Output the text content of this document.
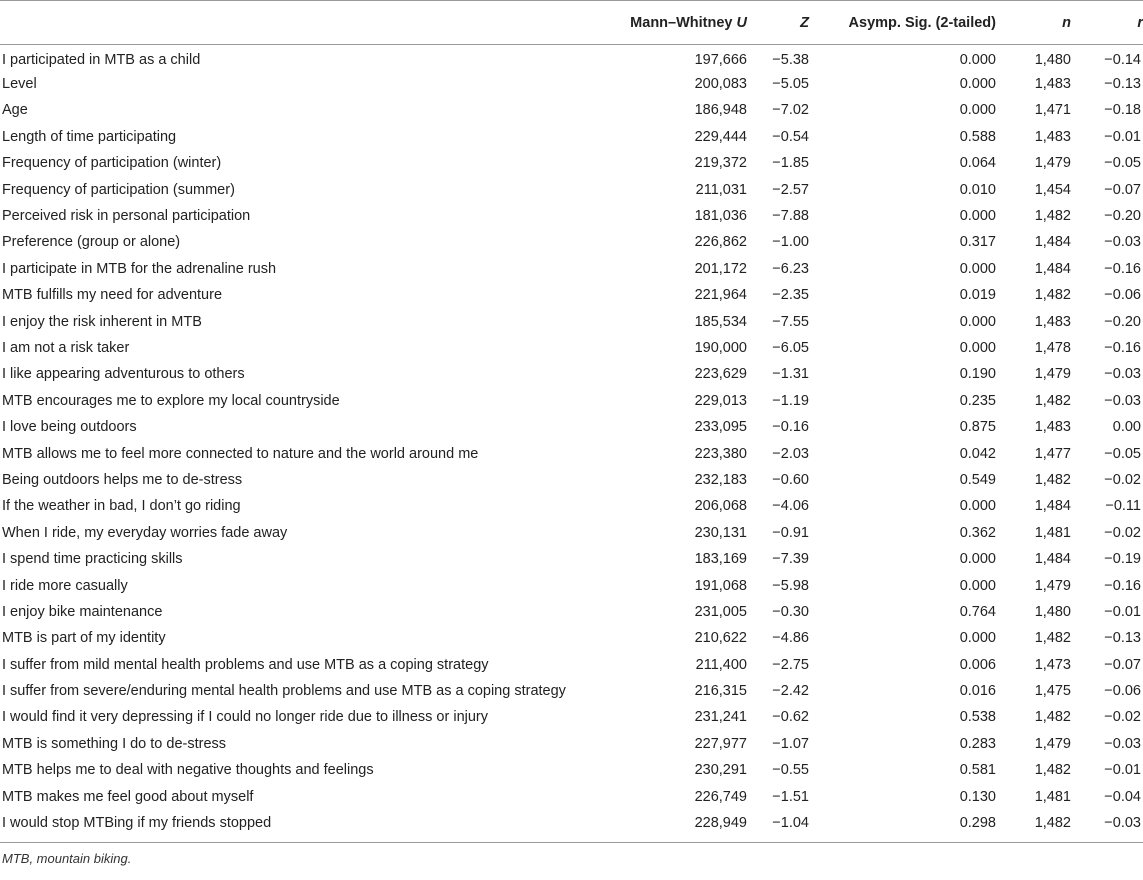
	Mann–Whitney U	Z	Asymp. Sig. (2-tailed)	n	r
I participated in MTB as a child	197,666	−5.38	0.000	1,480	−0.14
Level	200,083	−5.05	0.000	1,483	−0.13
Age	186,948	−7.02	0.000	1,471	−0.18
Length of time participating	229,444	−0.54	0.588	1,483	−0.01
Frequency of participation (winter)	219,372	−1.85	0.064	1,479	−0.05
Frequency of participation (summer)	211,031	−2.57	0.010	1,454	−0.07
Perceived risk in personal participation	181,036	−7.88	0.000	1,482	−0.20
Preference (group or alone)	226,862	−1.00	0.317	1,484	−0.03
I participate in MTB for the adrenaline rush	201,172	−6.23	0.000	1,484	−0.16
MTB fulfills my need for adventure	221,964	−2.35	0.019	1,482	−0.06
I enjoy the risk inherent in MTB	185,534	−7.55	0.000	1,483	−0.20
I am not a risk taker	190,000	−6.05	0.000	1,478	−0.16
I like appearing adventurous to others	223,629	−1.31	0.190	1,479	−0.03
MTB encourages me to explore my local countryside	229,013	−1.19	0.235	1,482	−0.03
I love being outdoors	233,095	−0.16	0.875	1,483	0.00
MTB allows me to feel more connected to nature and the world around me	223,380	−2.03	0.042	1,477	−0.05
Being outdoors helps me to de-stress	232,183	−0.60	0.549	1,482	−0.02
If the weather in bad, I don’t go riding	206,068	−4.06	0.000	1,484	−0.11
When I ride, my everyday worries fade away	230,131	−0.91	0.362	1,481	−0.02
I spend time practicing skills	183,169	−7.39	0.000	1,484	−0.19
I ride more casually	191,068	−5.98	0.000	1,479	−0.16
I enjoy bike maintenance	231,005	−0.30	0.764	1,480	−0.01
MTB is part of my identity	210,622	−4.86	0.000	1,482	−0.13
I suffer from mild mental health problems and use MTB as a coping strategy	211,400	−2.75	0.006	1,473	−0.07
I suffer from severe/enduring mental health problems and use MTB as a coping strategy	216,315	−2.42	0.016	1,475	−0.06
I would find it very depressing if I could no longer ride due to illness or injury	231,241	−0.62	0.538	1,482	−0.02
MTB is something I do to de-stress	227,977	−1.07	0.283	1,479	−0.03
MTB helps me to deal with negative thoughts and feelings	230,291	−0.55	0.581	1,482	−0.01
MTB makes me feel good about myself	226,749	−1.51	0.130	1,481	−0.04
I would stop MTBing if my friends stopped	228,949	−1.04	0.298	1,482	−0.03
MTB, mountain biking.
